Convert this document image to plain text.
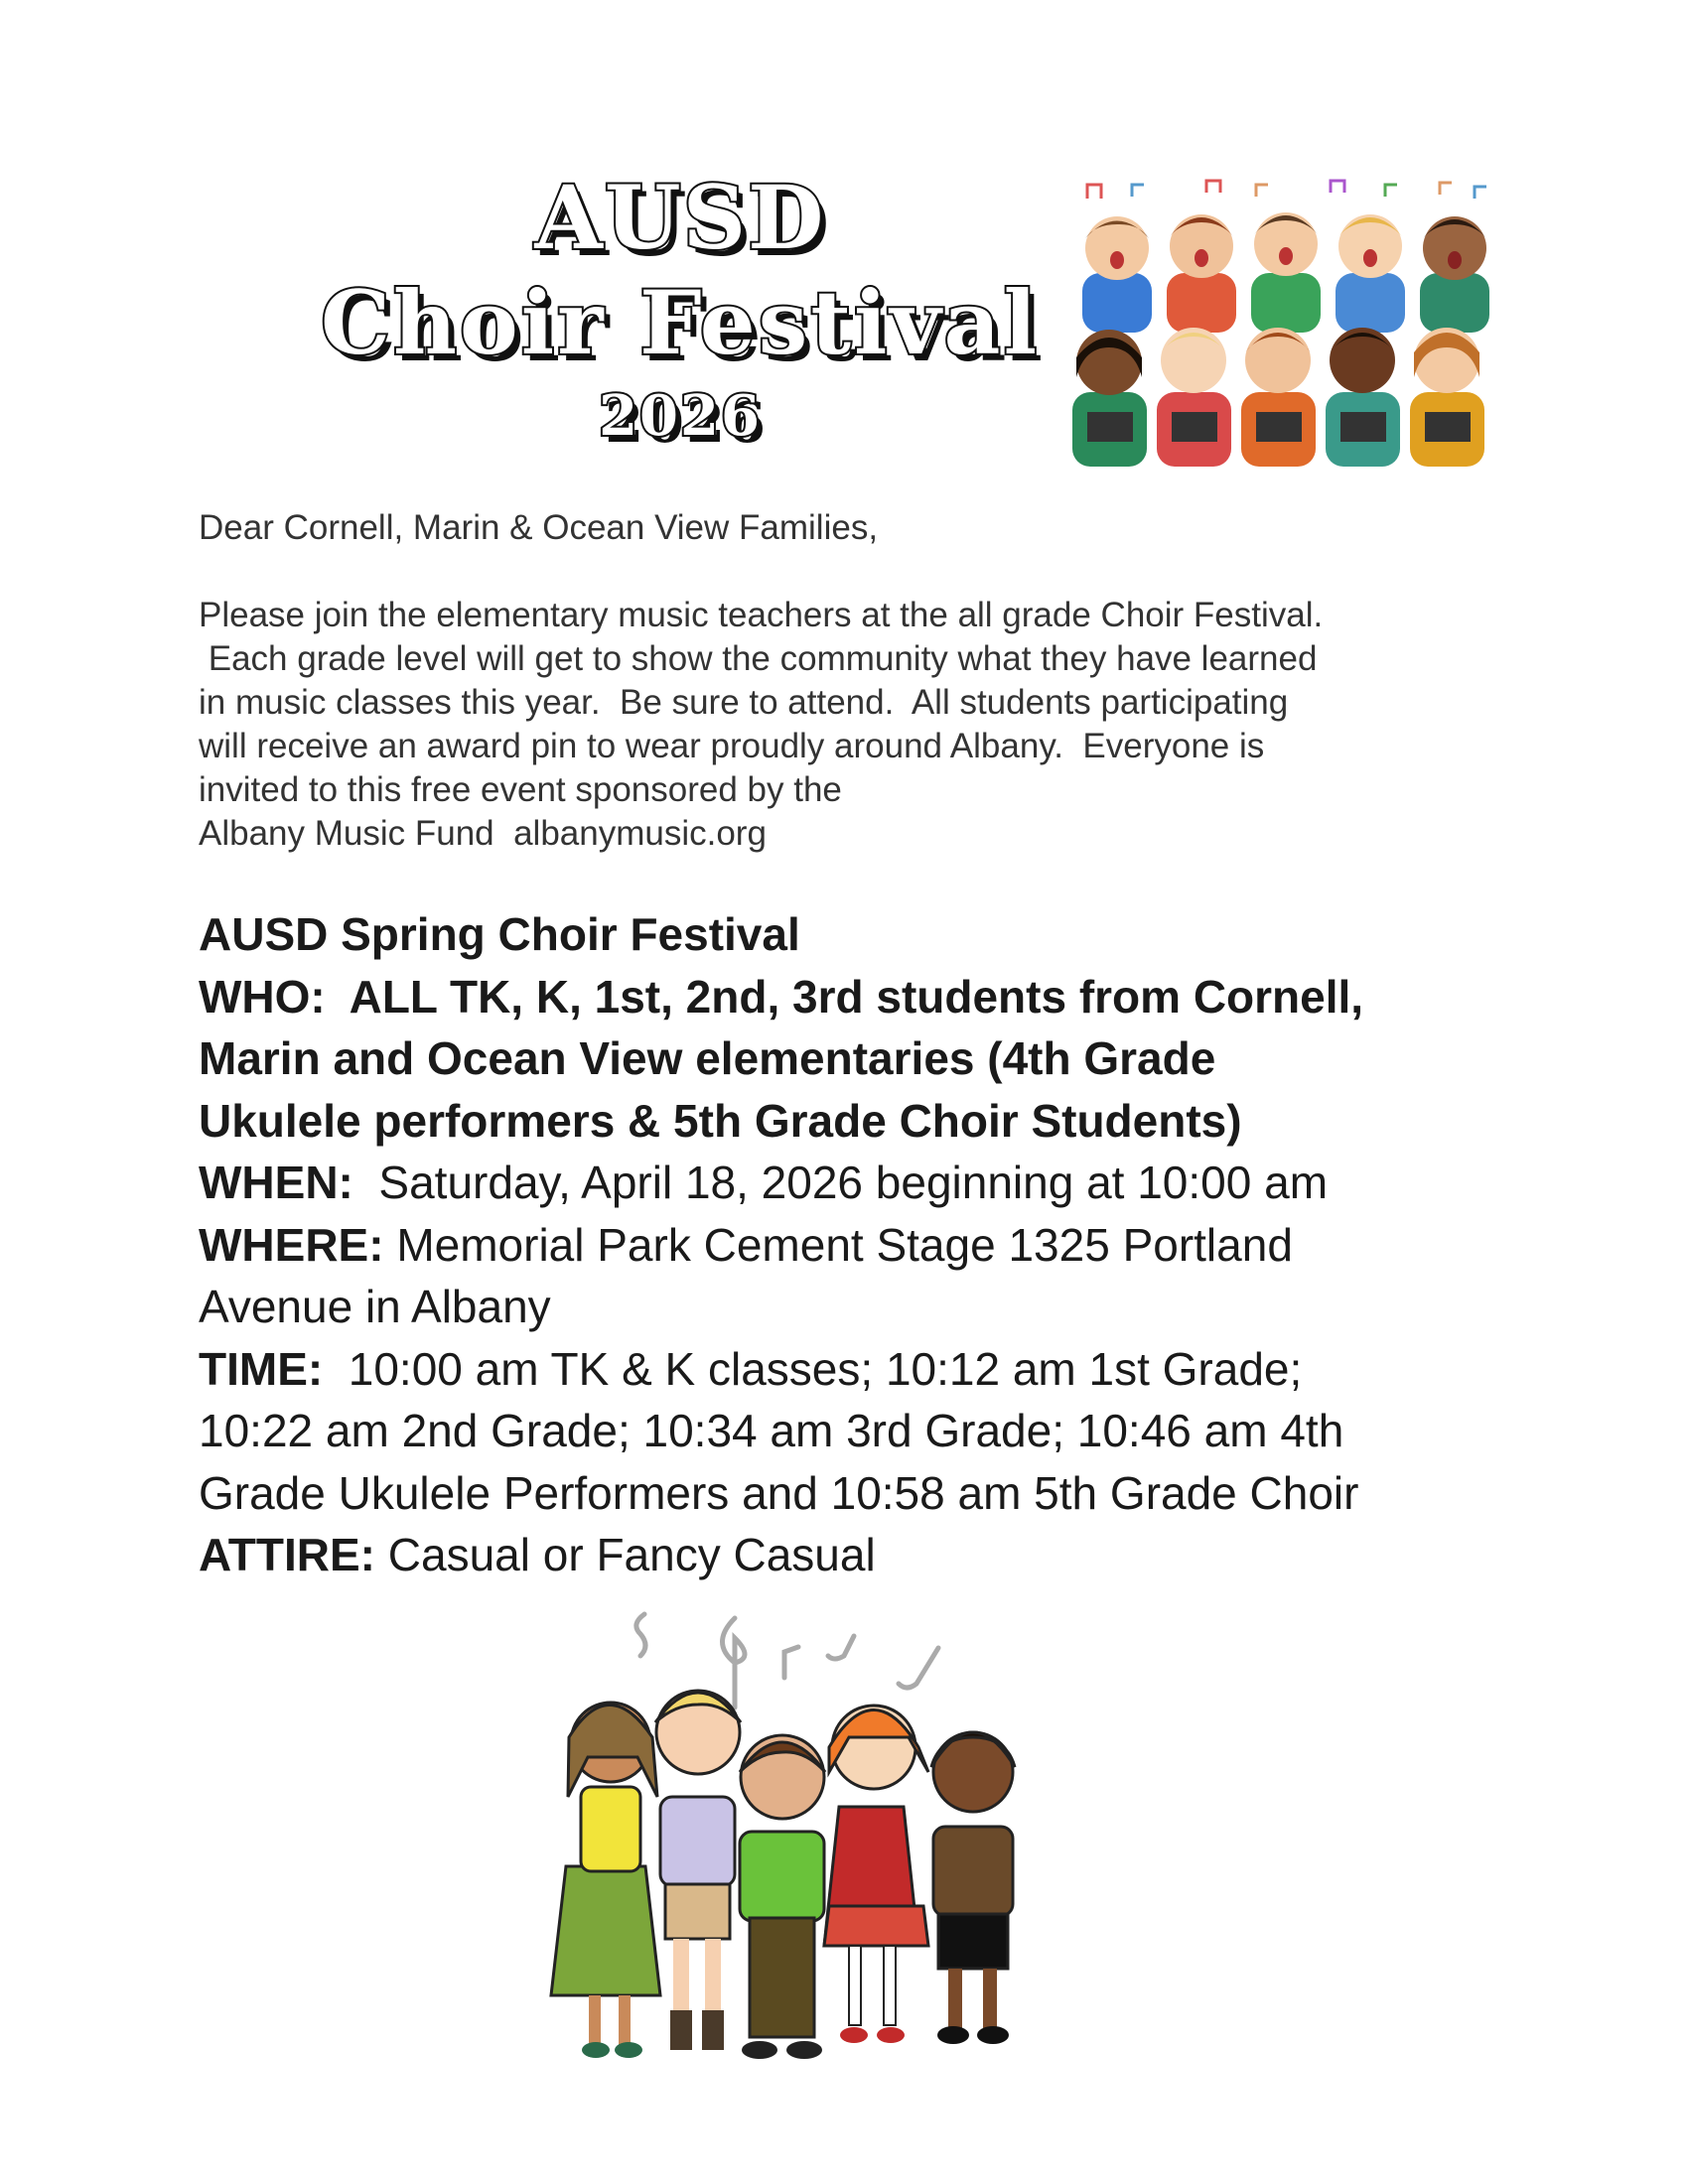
AUSD
Choir Festival
2026
Dear Cornell, Marin & Ocean View Families,
Please join the elementary music teachers at the all grade Choir Festival.
Each grade level will get to show the community what they have learned
in music classes this year.  Be sure to attend.  All students participating
will receive an award pin to wear proudly around Albany.  Everyone is
invited to this free event sponsored by the
Albany Music Fund  albanymusic.org
AUSD Spring Choir Festival
WHO:  ALL TK, K, 1st, 2nd, 3rd students from Cornell,
Marin and Ocean View elementaries (4th Grade
Ukulele performers & 5th Grade Choir Students)
WHEN:  Saturday, April 18, 2026 beginning at 10:00 am
WHERE: Memorial Park Cement Stage 1325 Portland
Avenue in Albany
TIME:  10:00 am TK & K classes; 10:12 am 1st Grade;
10:22 am 2nd Grade; 10:34 am 3rd Grade; 10:46 am 4th
Grade Ukulele Performers and 10:58 am 5th Grade Choir
ATTIRE: Casual or Fancy Casual
